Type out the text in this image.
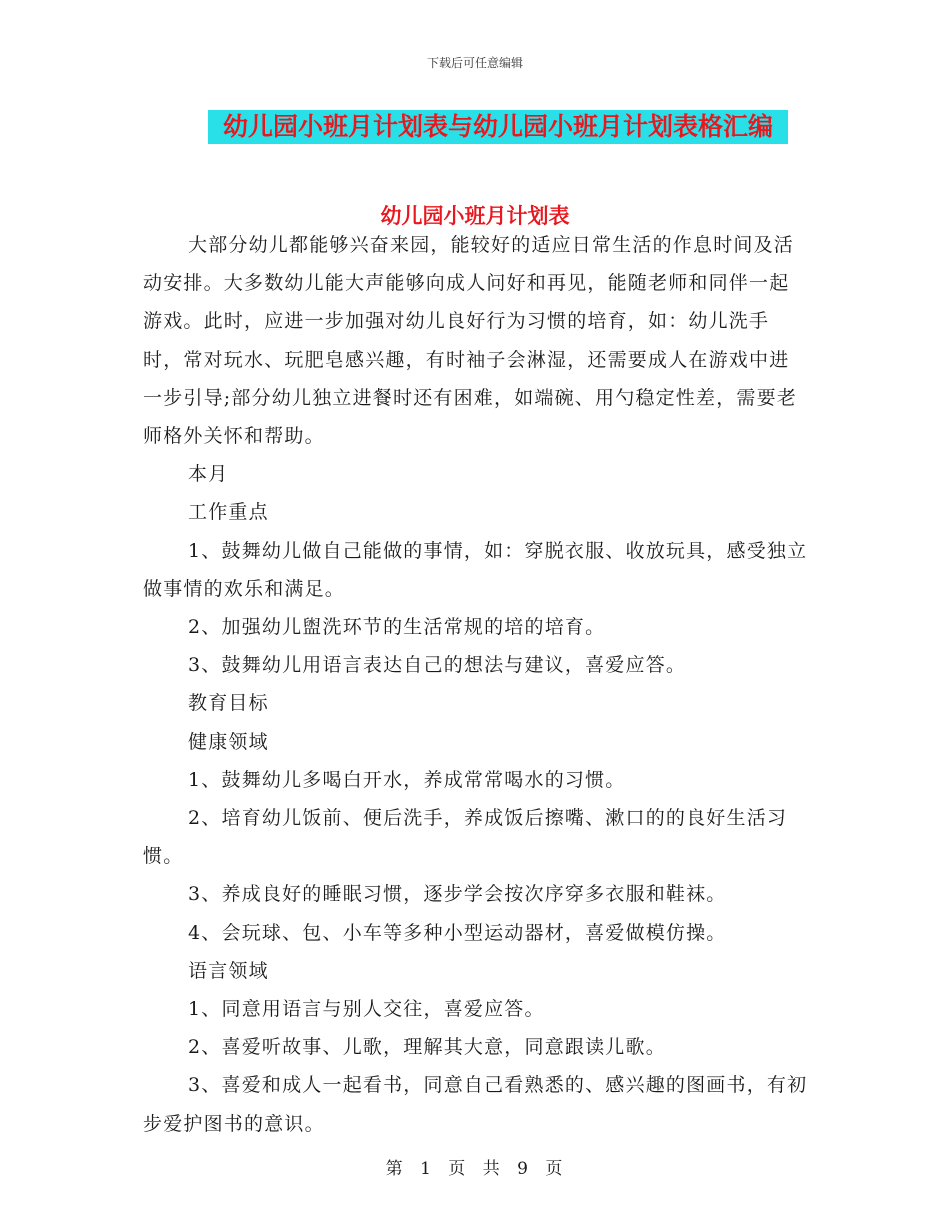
下载后可任意编辑
幼儿园小班月计划表与幼儿园小班月计划表格汇编
幼儿园小班月计划表

大部分幼儿都能够兴奋来园，能较好的适应日常生活的作息时间及活动安排。大多数幼儿能大声能够向成人问好和再见，能随老师和同伴一起游戏。此时，应进一步加强对幼儿良好行为习惯的培育，如：幼儿洗手时，常对玩水、玩肥皂感兴趣，有时袖子会淋湿，还需要成人在游戏中进一步引导;部分幼儿独立进餐时还有困难，如端碗、用勺稳定性差，需要老师格外关怀和帮助。

本月

工作重点

1、鼓舞幼儿做自己能做的事情，如：穿脱衣服、收放玩具，感受独立做事情的欢乐和满足。

2、加强幼儿盥洗环节的生活常规的培的培育。

3、鼓舞幼儿用语言表达自己的想法与建议，喜爱应答。

教育目标

健康领域

1、鼓舞幼儿多喝白开水，养成常常喝水的习惯。

2、培育幼儿饭前、便后洗手，养成饭后擦嘴、漱口的的良好生活习惯。

3、养成良好的睡眠习惯，逐步学会按次序穿多衣服和鞋袜。

4、会玩球、包、小车等多种小型运动器材，喜爱做模仿操。

语言领域

1、同意用语言与别人交往，喜爱应答。

2、喜爱听故事、儿歌，理解其大意，同意跟读儿歌。

3、喜爱和成人一起看书，同意自己看熟悉的、感兴趣的图画书，有初步爱护图书的意识。

第 1 页 共 9 页
